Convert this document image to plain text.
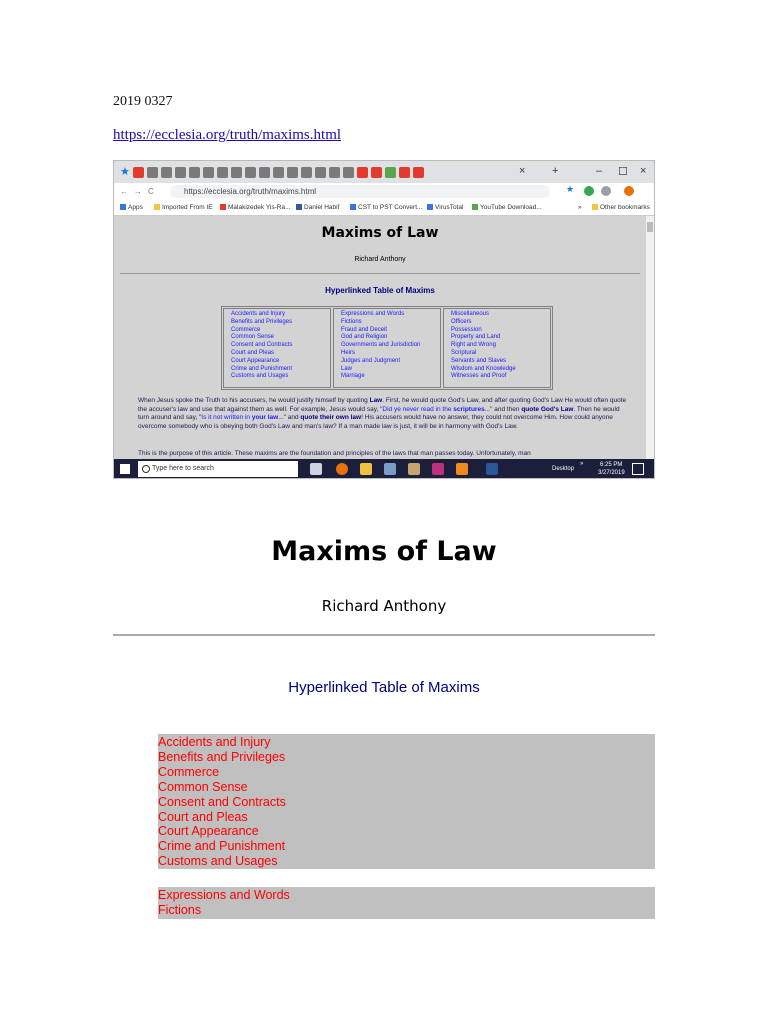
2019 0327
https://ecclesia.org/truth/maxims.html
★	× +	– ☐ ×
←→C	https://ecclesia.org/truth/maxims.html	★
Apps	Imported From IE	Malakizedek Yis-Ra...	Daniel Habif	CST to PST Convert...	VirusTotal	YouTube Download...	»	Other bookmarks
Maxims of Law
Richard Anthony
Hyperlinked Table of Maxims
Accidents and Injury
Benefits and Privileges
Commerce
Common Sense
Consent and Contracts
Court and Pleas
Court Appearance
Crime and Punishment
Customs and Usages
Expressions and Words
Fictions
Fraud and Deceit
God and Religion
Governments and Jurisdiction
Heirs
Judges and Judgment
Law
Marriage
Miscellaneous
Officers
Possession
Property and Land
Right and Wrong
Scriptural
Servants and Slaves
Wisdom and Knowledge
Witnesses and Proof
When Jesus spoke the Truth to his accusers, he would justify himself by quoting Law. First, he would quote God's Law, and after quoting God's Law He would often quote the accuser's law and use that against them as well. For example, Jesus would say, "Did ye never read in the scriptures..." and then quote God's Law. Then he would turn around and say, "Is it not written in your law..." and quote their own law! His accusers would have no answer, they could not overcome Him. How could anyone overcome somebody who is obeying both God's Law and man's law? If a man made law is just, it will be in harmony with God's Law.
This is the purpose of this article. These maxims are the foundation and principles of the laws that man passes today. Unfortunately, man
Type here to search	Desktop
»	6:25 PM
3/27/2019
Maxims of Law
Richard Anthony
Hyperlinked Table of Maxims
Accidents and Injury
Benefits and Privileges
Commerce
Common Sense
Consent and Contracts
Court and Pleas
Court Appearance
Crime and Punishment
Customs and Usages
Expressions and Words
Fictions
